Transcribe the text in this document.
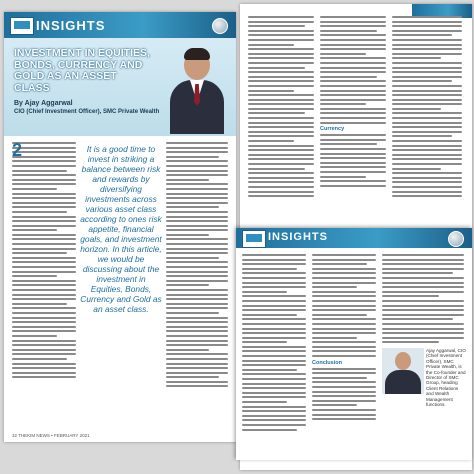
INSIGHTS
INVESTMENT IN EQUITIES, BONDS, CURRENCY AND GOLD AS AN ASSET CLASS
By Ajay Aggarwal
CIO (Chief Investment Officer), SMC Private Wealth
2	It is a good time to invest in striking a balance between risk and rewards by diversifying investments across various asset class according to ones risk appetite, financial goals, and investment horizon. In this article, we would be discussing about the investment in Equities, Bonds, Currency and Gold as an asset class.
32 THEKIM NEWS • FEBRUARY 2021
Currency
INSIGHTS
Conclusion
Ajay Aggarwal, CIO (Chief Investment Officer), SMC Private Wealth, is the Co-founder and Director of SMC Group, heading Client Relations and Wealth Management functions.
